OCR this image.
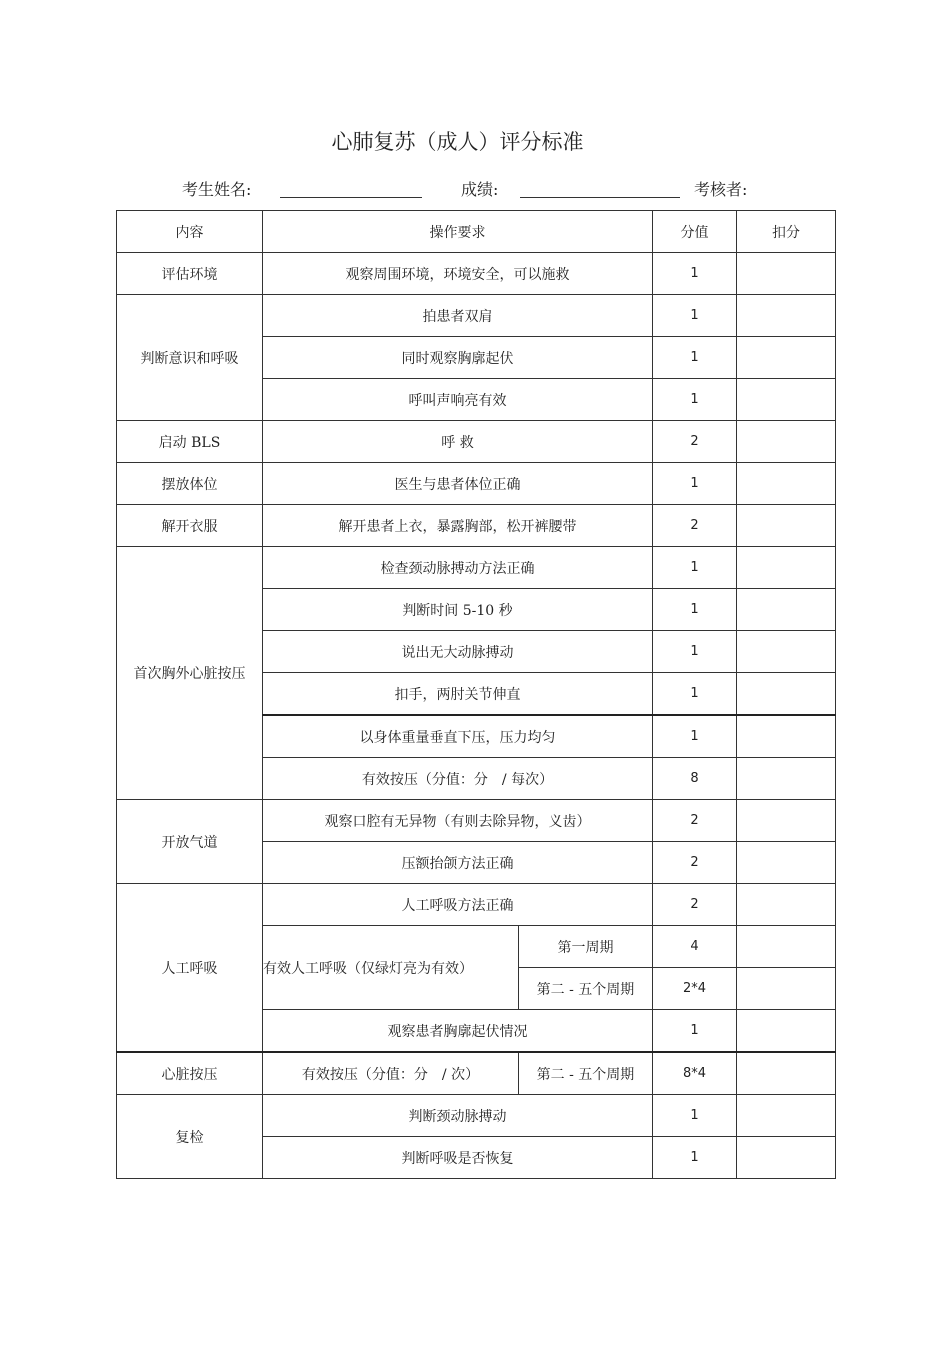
心肺复苏（成人）评分标准
考生姓名:	成绩:	考核者:
内容	操作要求		分值	扣分
评估环境	观察周围环境，环境安全，可以施救		1	
判断意识和呼吸	拍患者双肩		1	
	同时观察胸廓起伏		1	
	呼叫声响亮有效		1	
启动 BLS	呼 救		2	
摆放体位	医生与患者体位正确		1	
解开衣服	解开患者上衣，暴露胸部，松开裤腰带		2	
首次胸外心脏按压	检查颈动脉搏动方法正确		1	
	判断时间 5-10 秒		1	
	说出无大动脉搏动		1	
	扣手，两肘关节伸直		1	
	以身体重量垂直下压，压力均匀		1	
	有效按压（分值：分　/ 每次）		8	
开放气道	观察口腔有无异物（有则去除异物，义齿）		2	
	压额抬颌方法正确		2	
人工呼吸	人工呼吸方法正确		2	
	有效人工呼吸（仅绿灯亮为有效）	第一周期	4	
		第二 - 五个周期	2*4	
	观察患者胸廓起伏情况		1	
心脏按压	有效按压（分值：分　/ 次）	第二 - 五个周期	8*4	
复检	判断颈动脉搏动		1	
	判断呼吸是否恢复		1	
